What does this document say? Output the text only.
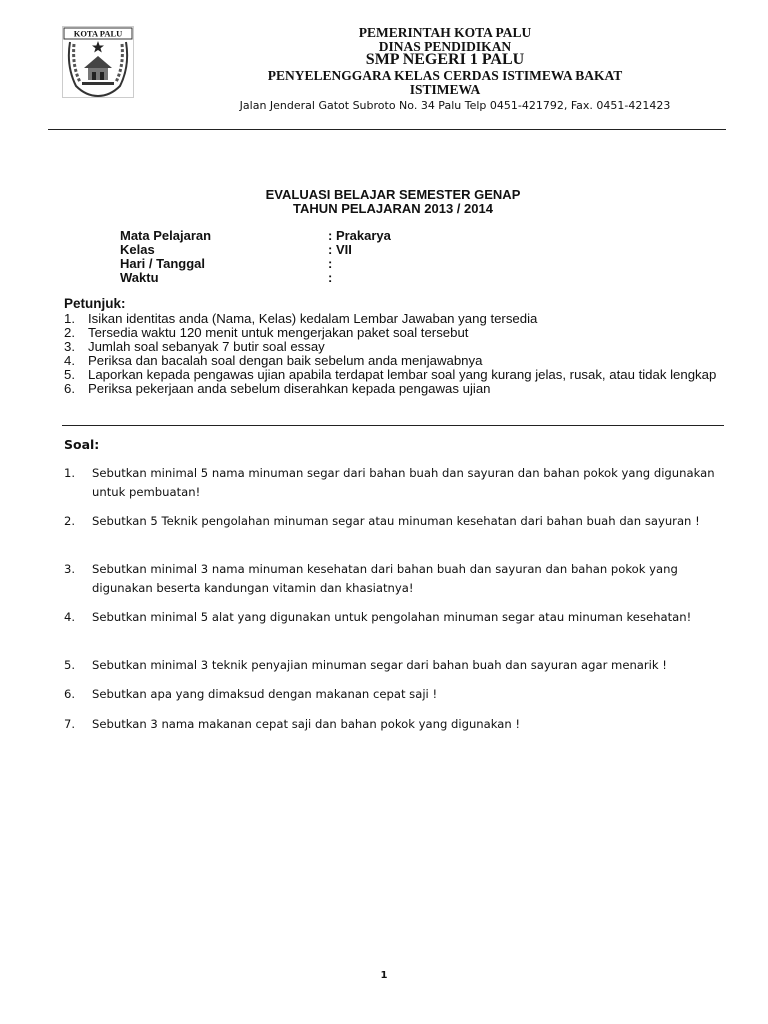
KOTA PALU	PEMERINTAH KOTA PALU
DINAS PENDIDIKAN
SMP NEGERI 1 PALU
PENYELENGGARA KELAS CERDAS ISTIMEWA BAKAT
ISTIMEWA
Jalan Jenderal Gatot Subroto No. 34 Palu Telp 0451-421792, Fax. 0451-421423
EVALUASI BELAJAR SEMESTER GENAP
TAHUN PELAJARAN 2013 / 2014
Mata Pelajaran	: Prakarya
Kelas	: VII
Hari / Tanggal	:
Waktu	:
Petunjuk:
1. Isikan identitas anda (Nama, Kelas) kedalam Lembar Jawaban yang tersedia
2. Tersedia waktu 120 menit untuk mengerjakan paket soal tersebut
3. Jumlah soal sebanyak 7 butir soal essay
4. Periksa dan bacalah soal dengan baik sebelum anda menjawabnya
5. Laporkan kepada pengawas ujian apabila terdapat lembar soal yang kurang jelas, rusak, atau tidak lengkap
6. Periksa pekerjaan anda sebelum diserahkan kepada pengawas ujian
Soal:
1. Sebutkan minimal 5 nama minuman segar dari bahan buah dan sayuran dan bahan pokok yang digunakan untuk pembuatan!
2. Sebutkan 5 Teknik pengolahan minuman segar atau minuman kesehatan dari bahan buah dan sayuran !
3. Sebutkan minimal 3 nama minuman kesehatan dari bahan buah dan sayuran dan bahan pokok yang digunakan beserta kandungan vitamin dan khasiatnya!
4. Sebutkan minimal 5 alat yang digunakan untuk pengolahan minuman segar atau minuman kesehatan!
5. Sebutkan minimal 3 teknik penyajian minuman segar dari bahan buah dan sayuran agar menarik !
6. Sebutkan apa yang dimaksud dengan makanan cepat saji !
7. Sebutkan 3 nama makanan cepat saji dan bahan pokok yang digunakan !
1
